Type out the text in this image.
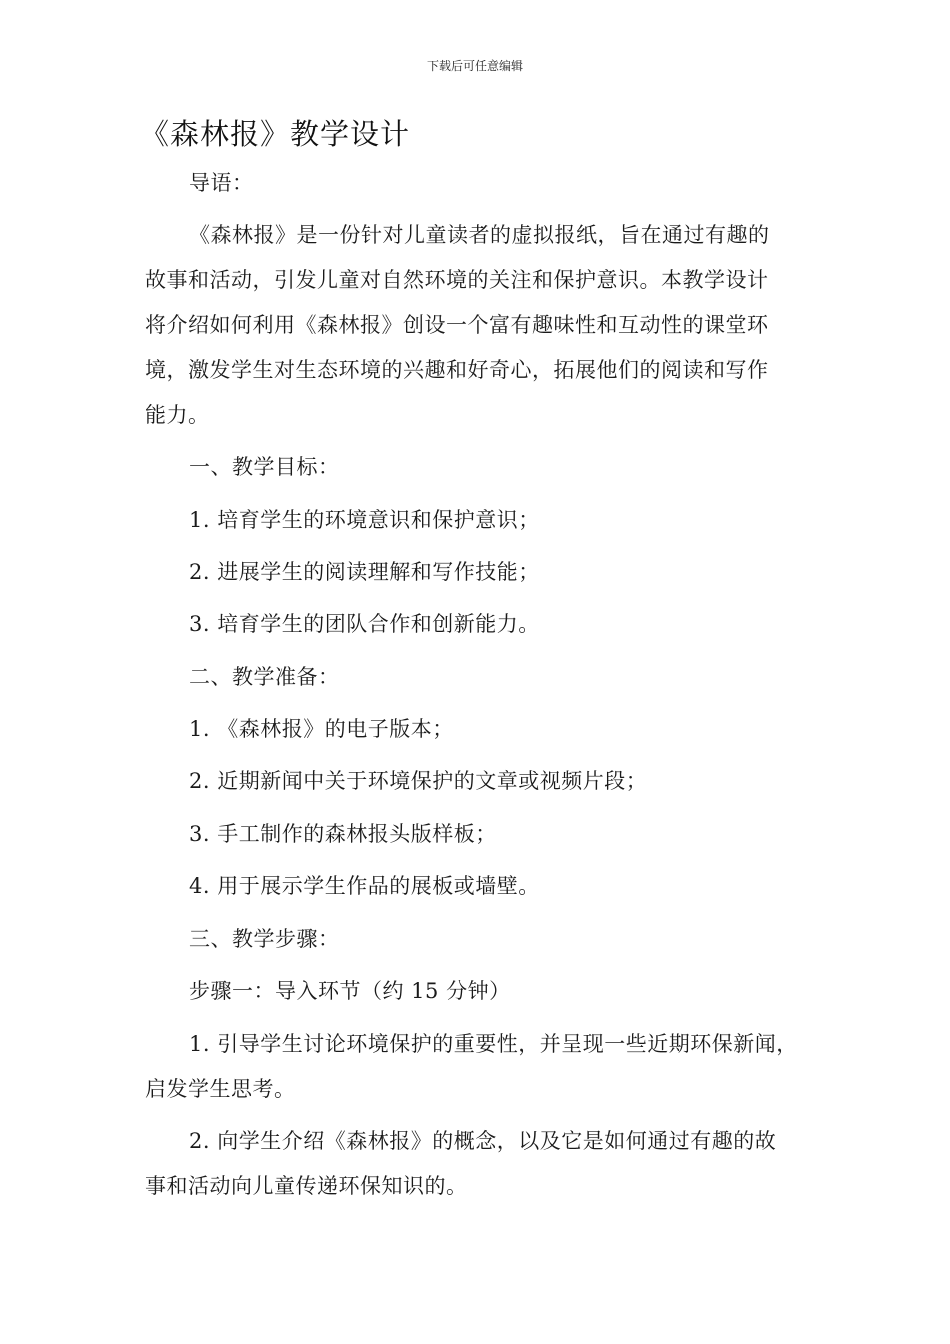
下载后可任意编辑
《森林报》教学设计
导语：
《森林报》是一份针对儿童读者的虚拟报纸，旨在通过有趣的
故事和活动，引发儿童对自然环境的关注和保护意识。本教学设计
将介绍如何利用《森林报》创设一个富有趣味性和互动性的课堂环
境，激发学生对生态环境的兴趣和好奇心，拓展他们的阅读和写作
能力。
一、教学目标：
1. 培育学生的环境意识和保护意识；
2. 进展学生的阅读理解和写作技能；
3. 培育学生的团队合作和创新能力。
二、教学准备：
1. 《森林报》的电子版本；
2. 近期新闻中关于环境保护的文章或视频片段；
3. 手工制作的森林报头版样板；
4. 用于展示学生作品的展板或墙壁。
三、教学步骤：
步骤一：导入环节（约 15 分钟）
1. 引导学生讨论环境保护的重要性，并呈现一些近期环保新闻，
启发学生思考。
2. 向学生介绍《森林报》的概念，以及它是如何通过有趣的故
事和活动向儿童传递环保知识的。
